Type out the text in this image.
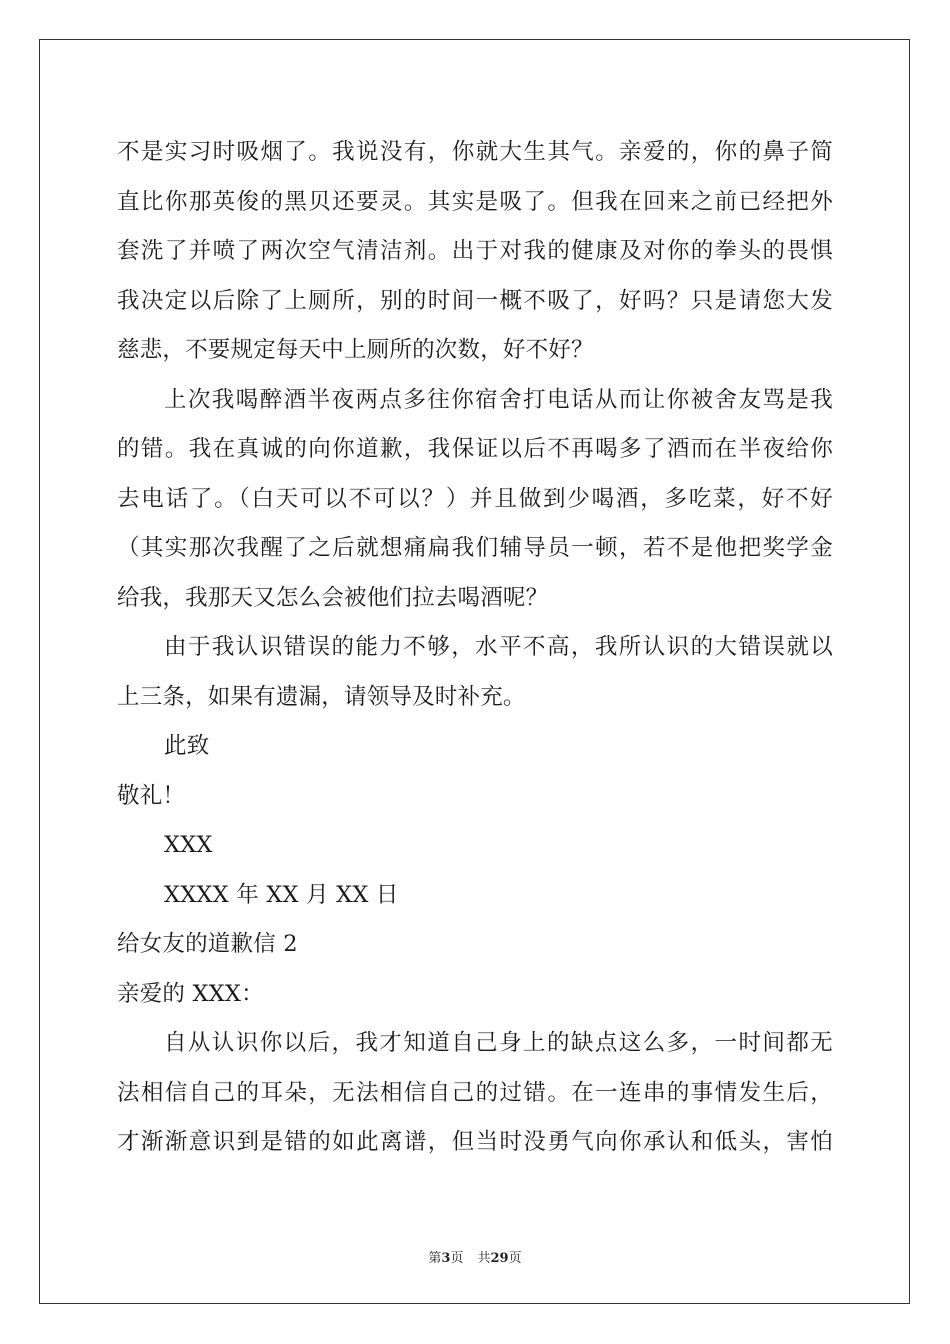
不是实习时吸烟了。我说没有，你就大生其气。亲爱的，你的鼻子简
直比你那英俊的黑贝还要灵。其实是吸了。但我在回来之前已经把外
套洗了并喷了两次空气清洁剂。出于对我的健康及对你的拳头的畏惧
我决定以后除了上厕所，别的时间一概不吸了，好吗？只是请您大发
慈悲，不要规定每天中上厕所的次数，好不好？
上次我喝醉酒半夜两点多往你宿舍打电话从而让你被舍友骂是我
的错。我在真诚的向你道歉，我保证以后不再喝多了酒而在半夜给你
去电话了。（白天可以不可以？）并且做到少喝酒，多吃菜，好不好
（其实那次我醒了之后就想痛扁我们辅导员一顿，若不是他把奖学金
给我，我那天又怎么会被他们拉去喝酒呢？
由于我认识错误的能力不够，水平不高，我所认识的大错误就以
上三条，如果有遗漏，请领导及时补充。
此致
敬礼！
XXX
XXXX 年 XX 月 XX 日
给女友的道歉信 2
亲爱的 XXX：
自从认识你以后，我才知道自己身上的缺点这么多，一时间都无
法相信自己的耳朵，无法相信自己的过错。在一连串的事情发生后，
才渐渐意识到是错的如此离谱，但当时没勇气向你承认和低头，害怕
第3页 共29页
